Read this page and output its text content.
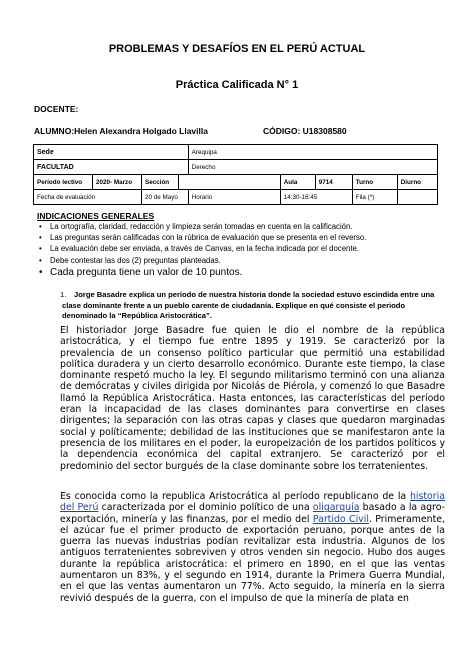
PROBLEMAS Y DESAFÍOS EN EL PERÚ ACTUAL
Práctica Calificada N° 1
DOCENTE:
ALUMNO:Helen Alexandra Holgado Llavilla	CÓDIGO: U18308580
Sede				Arequipa				
FACULTAD				Derecho				
Período lectivo	2020- Marzo	Sección			Aula	9714	Turno	Diurno
Fecha de evaluación		20 de Mayo		Horario	14:30-16:45		Fila (*)	
INDICACIONES GENERALES
• La ortografía, claridad, redacción y limpieza serán tomadas en cuenta en la calificación.
• Las preguntas serán calificadas con la rúbrica de evaluación que se presenta en el reverso.
• La evaluación debe ser enviada, a través de Canvas, en la fecha indicada por el docente.
• Debe contestar las dos (2) preguntas planteadas.
• Cada pregunta tiene un valor de 10 puntos.
1.	Jorge Basadre explica un período de nuestra historia donde la sociedad estuvo escindida entre una clase dominante frente a un pueblo carente de ciudadanía. Explique en qué consiste el periodo denominado la “República Aristocrática”.
El historiador Jorge Basadre fue quien le dio el nombre de la república aristocrática, y el tiempo fue entre 1895 y 1919. Se caracterizó por la prevalencia de un consenso político particular que permitió una estabilidad política duradera y un cierto desarrollo económico. Durante este tiempo, la clase dominante respetó mucho la ley. El segundo militarismo terminó con una alianza de demócratas y civiles dirigida por Nicolás de Piérola, y comenzó lo que Basadre llamó la República Aristocrática. Hasta entonces, las características del período eran la incapacidad de las clases dominantes para convertirse en clases dirigentes; la separación con las otras capas y clases que quedaron marginadas social y políticamente; debilidad de las instituciones que se manifestaron ante la presencia de los militares en el poder, la europeización de los partidos políticos y la dependencia económica del capital extranjero. Se caracterizó por el predominio del sector burgués de la clase dominante sobre los terratenientes.
Es conocida como la republica Aristocrática al período republicano de la historia del Perú caracterizada por el dominio político de una oligarquía basado a la agro-exportación, minería y las finanzas, por el medio del Partido Civil. Primeramente, el azúcar fue el primer producto de exportación peruano, porque antes de la guerra las nuevas industrias podían revitalizar esta industria. Algunos de los antiguos terratenientes sobreviven y otros venden sin negocio. Hubo dos auges durante la república aristocrática: el primero en 1890, en el que las ventas aumentaron un 83%, y el segundo en 1914, durante la Primera Guerra Mundial, en el que las ventas aumentaron un 77%. Acto seguido, la minería en la sierra revivió después de la guerra, con el impulso de que la minería de plata en
